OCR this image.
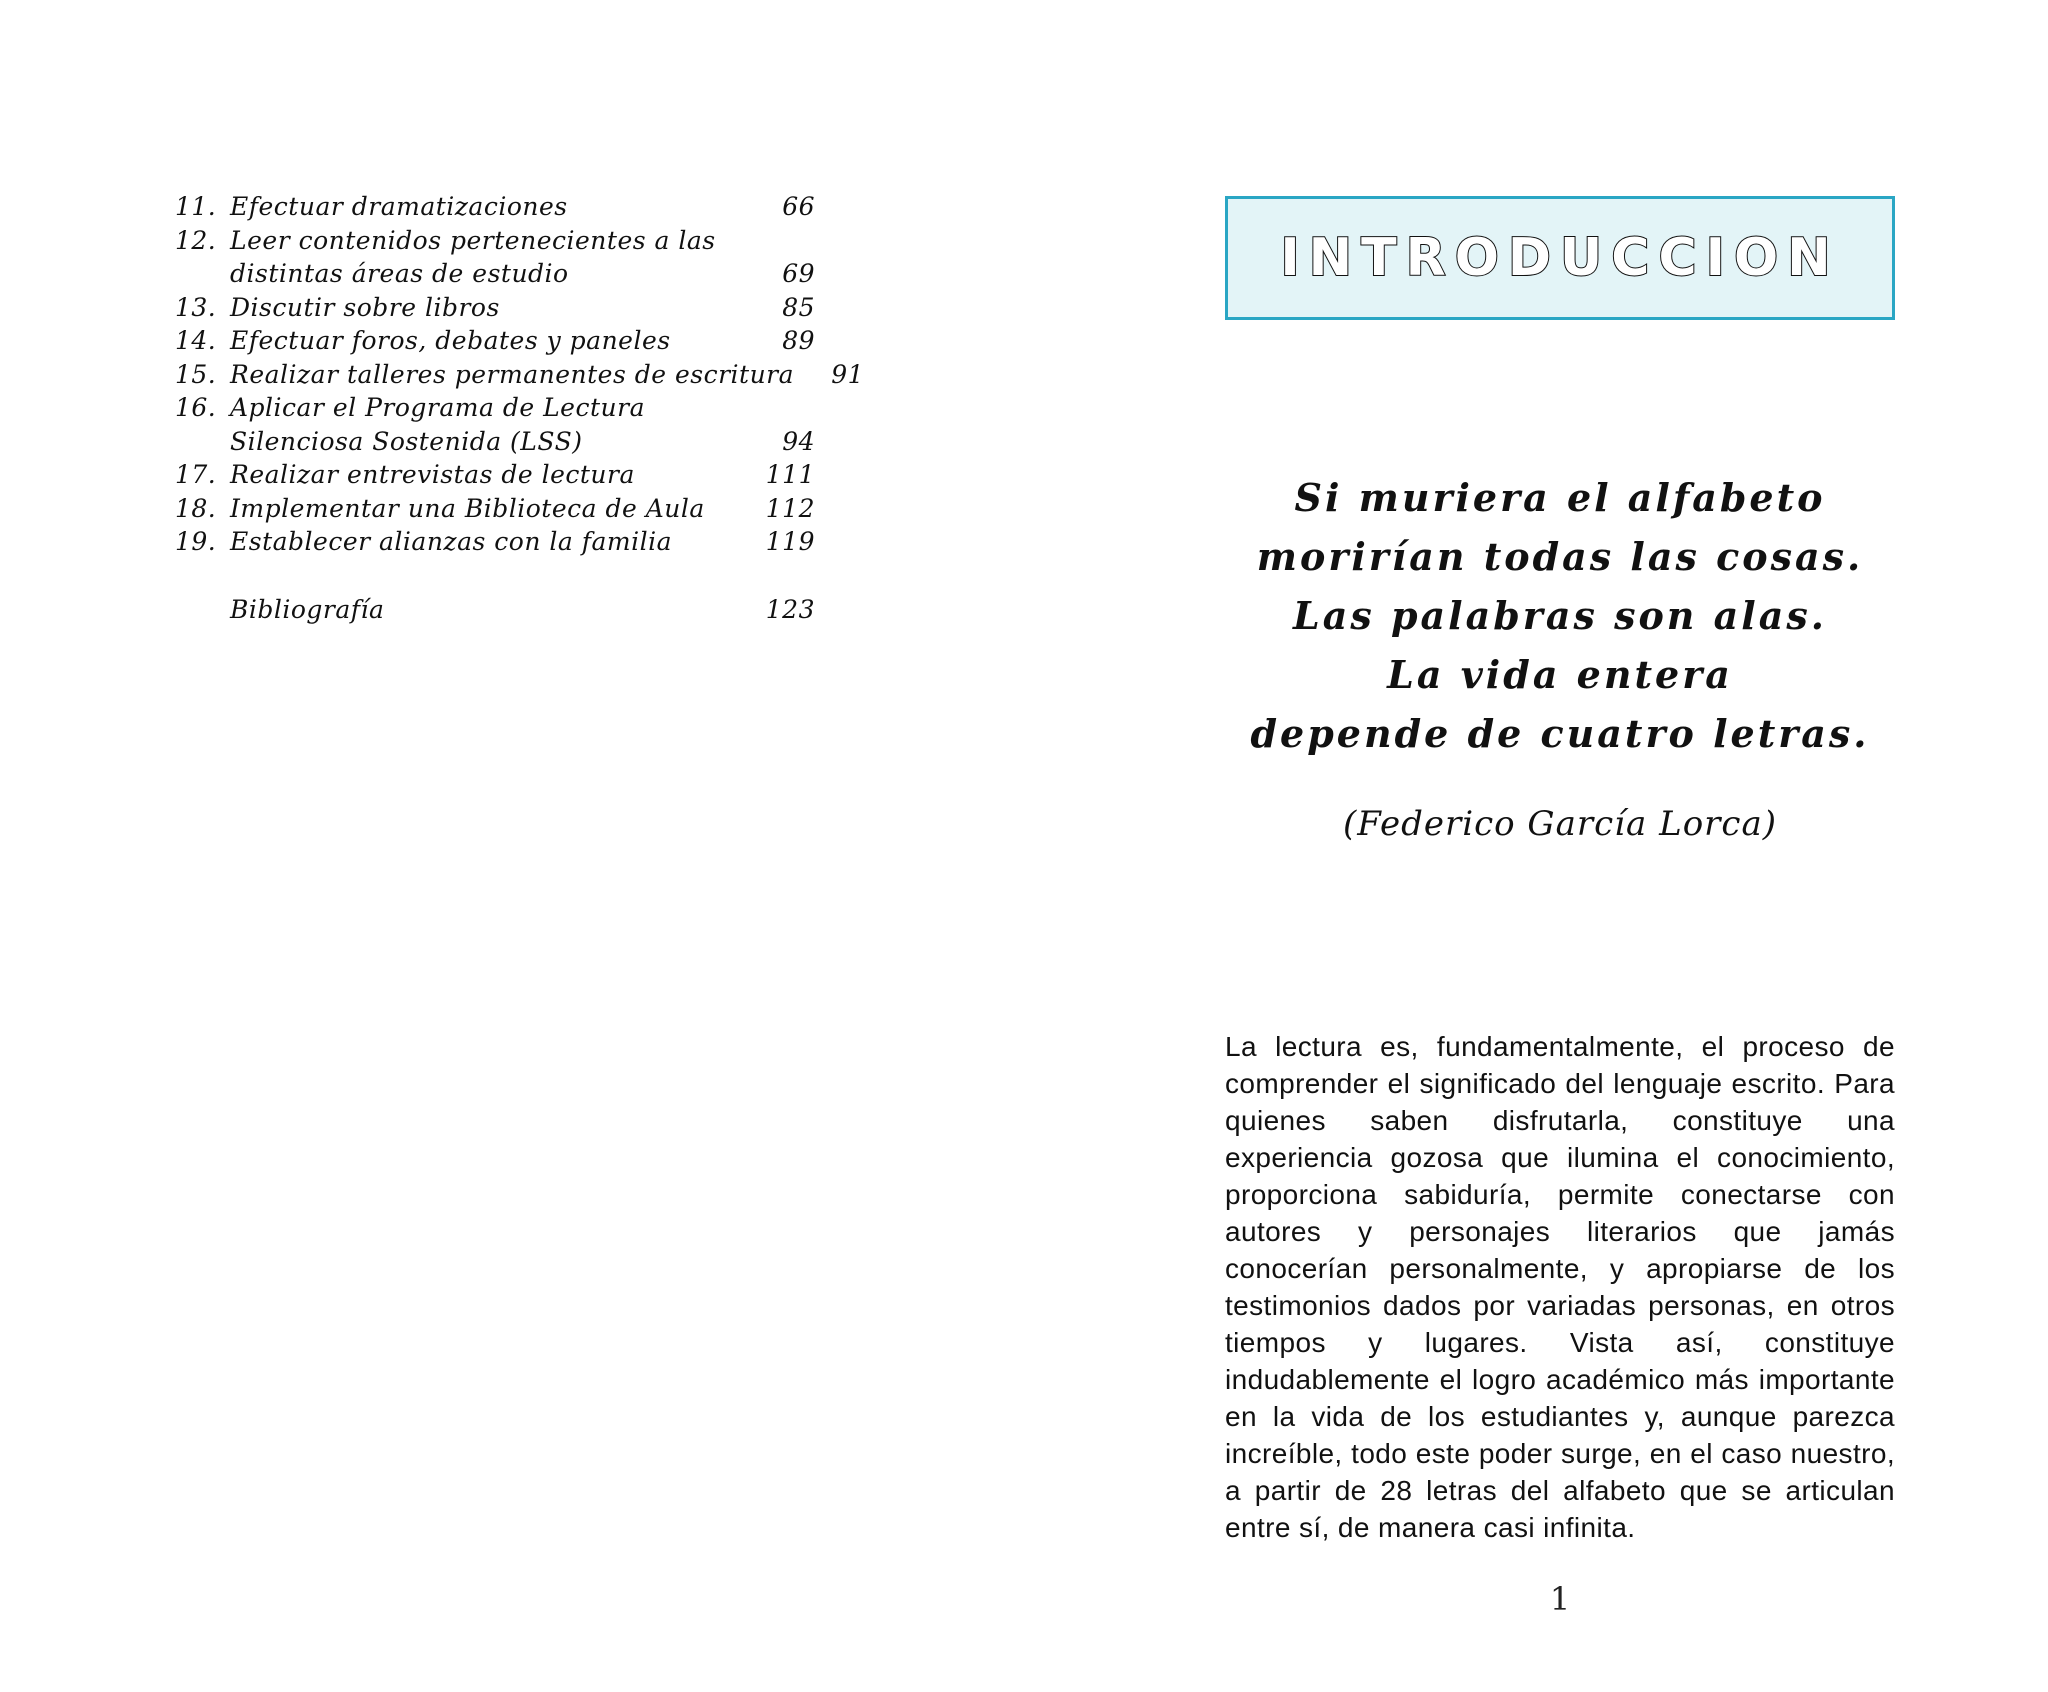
11. Efectuar dramatizaciones	66
12. Leer contenidos pertenecientes a las
distintas áreas de estudio	69
13. Discutir sobre libros	85
14. Efectuar foros, debates y paneles	89
15. Realizar talleres permanentes de escritura	91
16. Aplicar el Programa de Lectura
Silenciosa Sostenida (LSS)	94
17. Realizar entrevistas de lectura	111
18. Implementar una Biblioteca de Aula	112
19. Establecer alianzas con la familia	119
Bibliografía	123
INTRODUCCION
Si muriera el alfabeto
morirían todas las cosas.
Las palabras son alas.
La vida entera
depende de cuatro letras.
(Federico García Lorca)

La lectura es, fundamentalmente, el proceso de comprender el significado del lenguaje escrito. Para quienes saben disfrutarla, constituye una experiencia gozosa que ilumina el conocimiento, proporciona sabiduría, permite conectarse con autores y personajes literarios que jamás conocerían personalmente, y apropiarse de los testimonios dados por variadas personas, en otros tiempos y lugares. Vista así, constituye indudablemente el logro académico más importante en la vida de los estudiantes y, aunque parezca increíble, todo este poder surge, en el caso nuestro, a partir de 28 letras del alfabeto que se articulan entre sí, de manera casi infinita.

1
